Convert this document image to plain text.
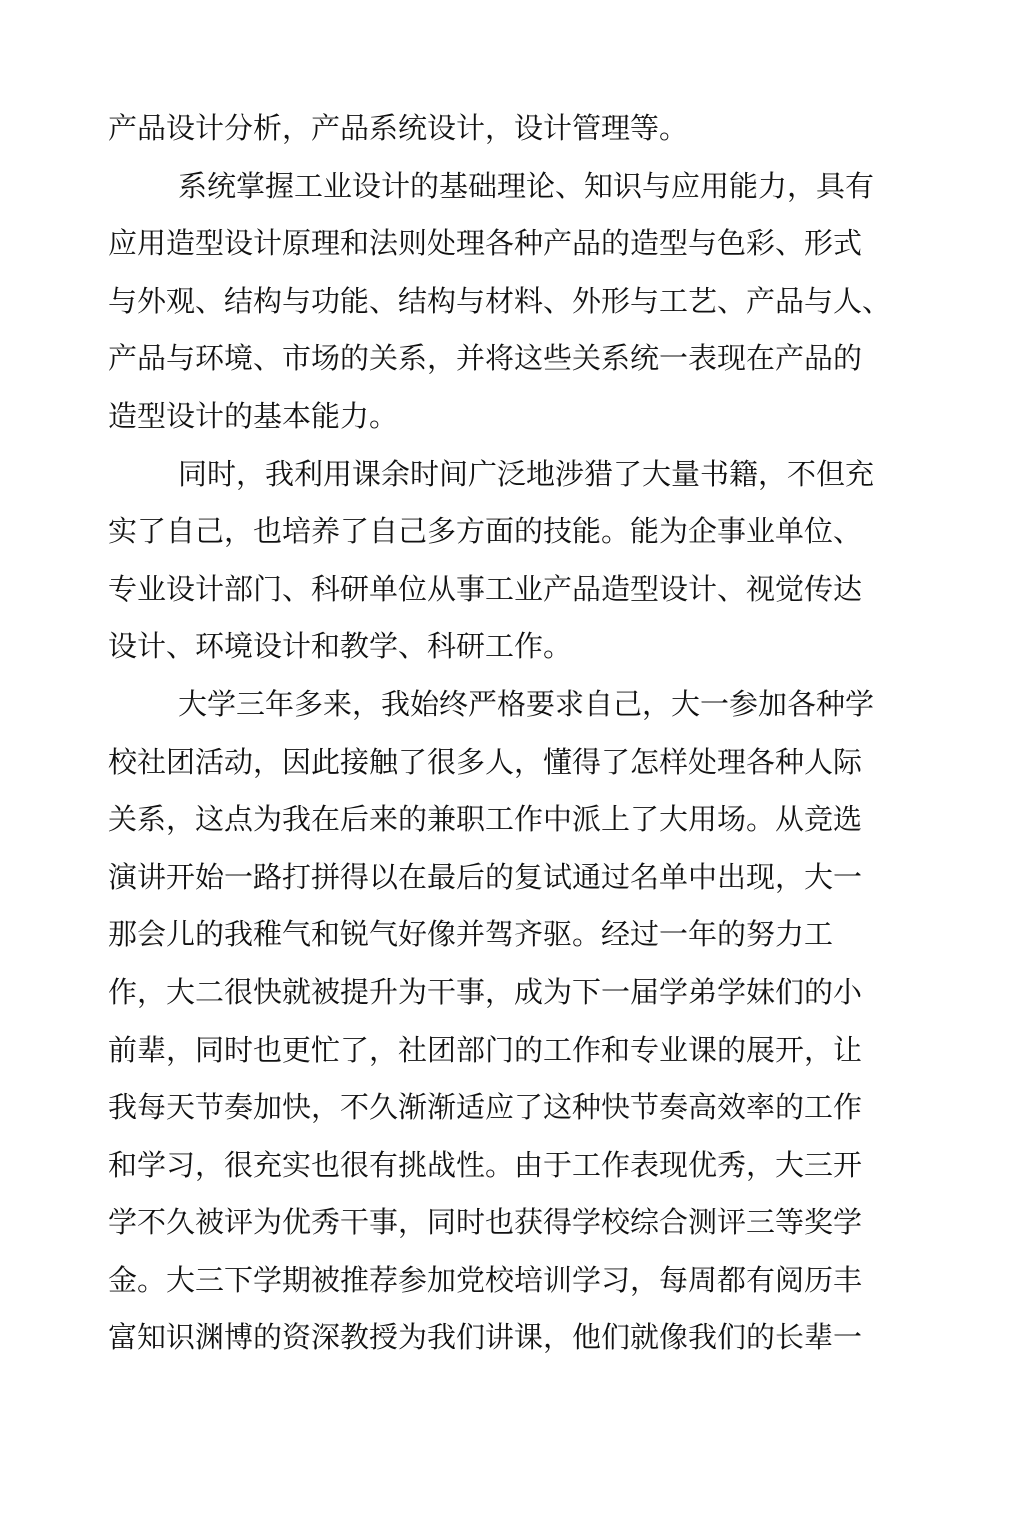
产品设计分析，产品系统设计，设计管理等。
系统掌握工业设计的基础理论、知识与应用能力，具有
应用造型设计原理和法则处理各种产品的造型与色彩、形式
与外观、结构与功能、结构与材料、外形与工艺、产品与人、
产品与环境、市场的关系，并将这些关系统一表现在产品的
造型设计的基本能力。
同时，我利用课余时间广泛地涉猎了大量书籍，不但充
实了自己，也培养了自己多方面的技能。能为企事业单位、
专业设计部门、科研单位从事工业产品造型设计、视觉传达
设计、环境设计和教学、科研工作。
大学三年多来，我始终严格要求自己，大一参加各种学
校社团活动，因此接触了很多人，懂得了怎样处理各种人际
关系，这点为我在后来的兼职工作中派上了大用场。从竞选
演讲开始一路打拼得以在最后的复试通过名单中出现，大一
那会儿的我稚气和锐气好像并驾齐驱。经过一年的努力工
作，大二很快就被提升为干事，成为下一届学弟学妹们的小
前辈，同时也更忙了，社团部门的工作和专业课的展开，让
我每天节奏加快，不久渐渐适应了这种快节奏高效率的工作
和学习，很充实也很有挑战性。由于工作表现优秀，大三开
学不久被评为优秀干事，同时也获得学校综合测评三等奖学
金。大三下学期被推荐参加党校培训学习，每周都有阅历丰
富知识渊博的资深教授为我们讲课，他们就像我们的长辈一
